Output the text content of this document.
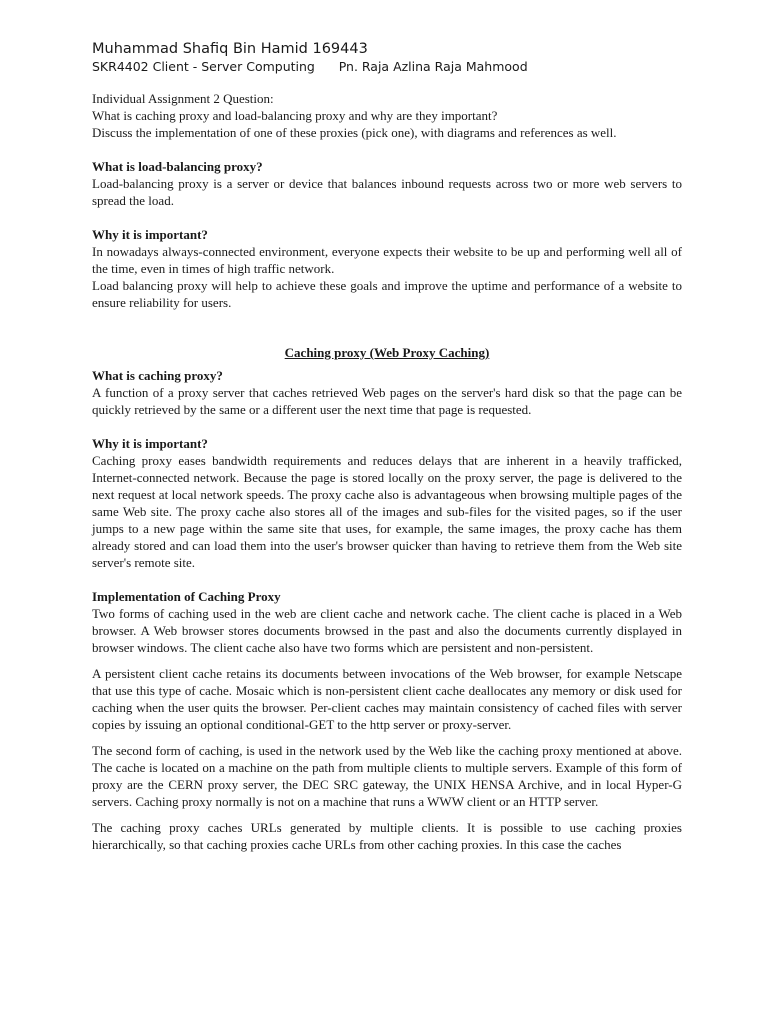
Muhammad Shafiq Bin Hamid 169443
SKR4402 Client - Server Computing Pn. Raja Azlina Raja Mahmood

Individual Assignment 2 Question:

What is caching proxy and load-balancing proxy and why are they important?

Discuss the implementation of one of these proxies (pick one), with diagrams and references as well.

What is load-balancing proxy?

Load-balancing proxy is a server or device that balances inbound requests across two or more web servers to spread the load.

Why it is important?

In nowadays always-connected environment, everyone expects their website to be up and performing well all of the time, even in times of high traffic network.

Load balancing proxy will help to achieve these goals and improve the uptime and performance of a website to ensure reliability for users.

Caching proxy (Web Proxy Caching)

What is caching proxy?

A function of a proxy server that caches retrieved Web pages on the server's hard disk so that the page can be quickly retrieved by the same or a different user the next time that page is requested.

Why it is important?

Caching proxy eases bandwidth requirements and reduces delays that are inherent in a heavily trafficked, Internet-connected network. Because the page is stored locally on the proxy server, the page is delivered to the next request at local network speeds. The proxy cache also is advantageous when browsing multiple pages of the same Web site. The proxy cache also stores all of the images and sub-files for the visited pages, so if the user jumps to a new page within the same site that uses, for example, the same images, the proxy cache has them already stored and can load them into the user's browser quicker than having to retrieve them from the Web site server's remote site.

Implementation of Caching Proxy

Two forms of caching used in the web are client cache and network cache. The client cache is placed in a Web browser. A Web browser stores documents browsed in the past and also the documents currently displayed in browser windows. The client cache also have two forms which are persistent and non-persistent.

A persistent client cache retains its documents between invocations of the Web browser, for example Netscape that use this type of cache. Mosaic which is non-persistent client cache deallocates any memory or disk used for caching when the user quits the browser. Per-client caches may maintain consistency of cached files with server copies by issuing an optional conditional-GET to the http server or proxy-server.

The second form of caching, is used in the network used by the Web like the caching proxy mentioned at above. The cache is located on a machine on the path from multiple clients to multiple servers. Example of this form of proxy are the CERN proxy server, the DEC SRC gateway, the UNIX HENSA Archive, and in local Hyper-G servers. Caching proxy normally is not on a machine that runs a WWW client or an HTTP server.

The caching proxy caches URLs generated by multiple clients. It is possible to use caching proxies hierarchically, so that caching proxies cache URLs from other caching proxies. In this case the caches
